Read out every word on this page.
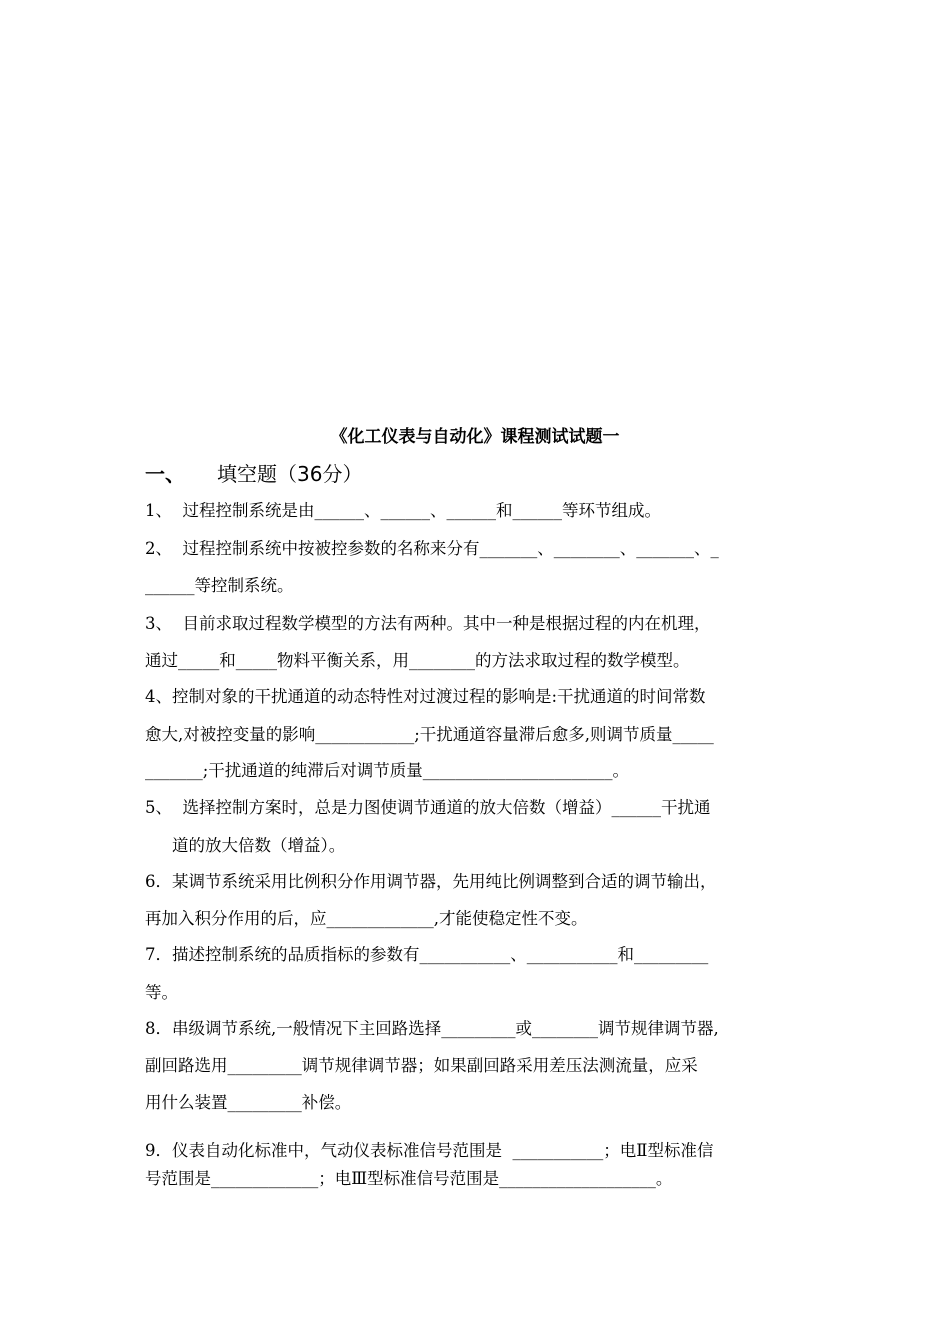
《化工仪表与自动化》课程测试试题一
一、 填空题（36分）
1、  过程控制系统是由______、______、______和______等环节组成。
2、  过程控制系统中按被控参数的名称来分有_______、________、_______、_
______等控制系统。
3、  目前求取过程数学模型的方法有两种。其中一种是根据过程的内在机理，
通过_____和_____物料平衡关系，用________的方法求取过程的数学模型。
4、控制对象的干扰通道的动态特性对过渡过程的影响是:干扰通道的时间常数
愈大,对被控变量的影响____________;干扰通道容量滞后愈多,则调节质量_____
_______;干扰通道的纯滞后对调节质量_______________________。
5、  选择控制方案时，总是力图使调节通道的放大倍数（增益）______干扰通
道的放大倍数（增益）。
6．某调节系统采用比例积分作用调节器，先用纯比例调整到合适的调节输出，
再加入积分作用的后，应_____________,才能使稳定性不变。
7．描述控制系统的品质指标的参数有___________、___________和_________
等。
8．串级调节系统,一般情况下主回路选择_________或________调节规律调节器,
副回路选用_________调节规律调节器；如果副回路采用差压法测流量，应采
用什么装置_________补偿。
9．仪表自动化标准中，气动仪表标准信号范围是  ___________；电Ⅱ型标准信
号范围是_____________；电Ⅲ型标准信号范围是___________________。
